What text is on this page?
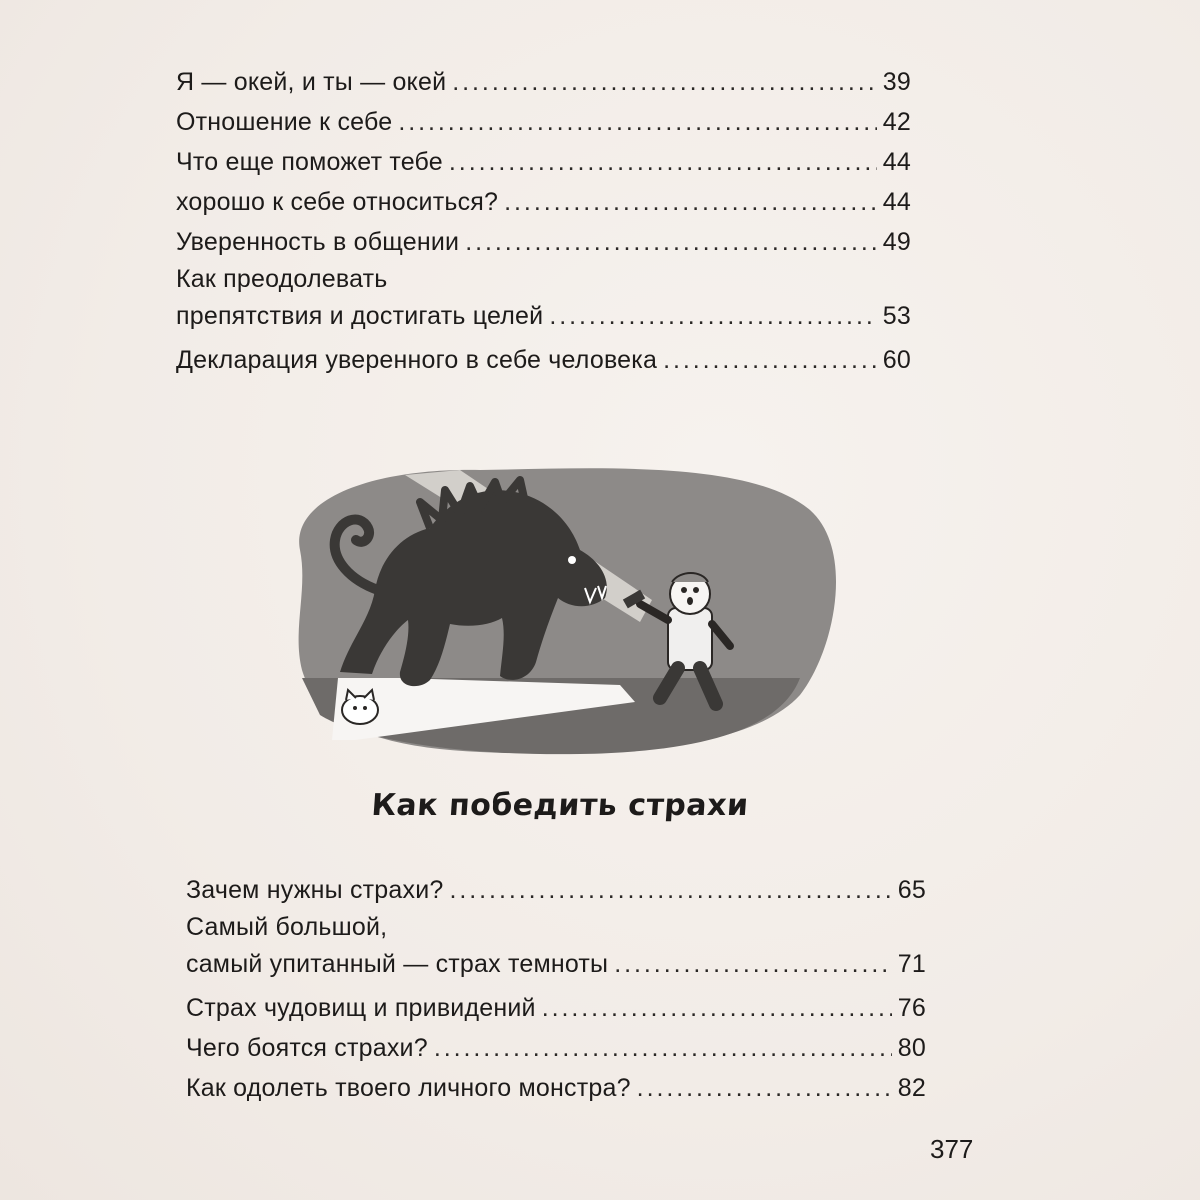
Я — окей, и ты — окей . . .	39
Отношение к себе . . .	42
Что еще поможет тебе . . .	44
хорошо к себе относиться? . . .	44
Уверенность в общении . . .	49
Как преодолевать
препятствия и достигать целей . . .	53
Декларация уверенного в себе человека . . .	60
Как победить страхи
Зачем нужны страхи? . . .	65
Самый большой,
самый упитанный — страх темноты . . .	71
Страх чудовищ и привидений . . .	76
Чего боятся страхи? . . .	80
Как одолеть твоего личного монстра? . . .	82
377
